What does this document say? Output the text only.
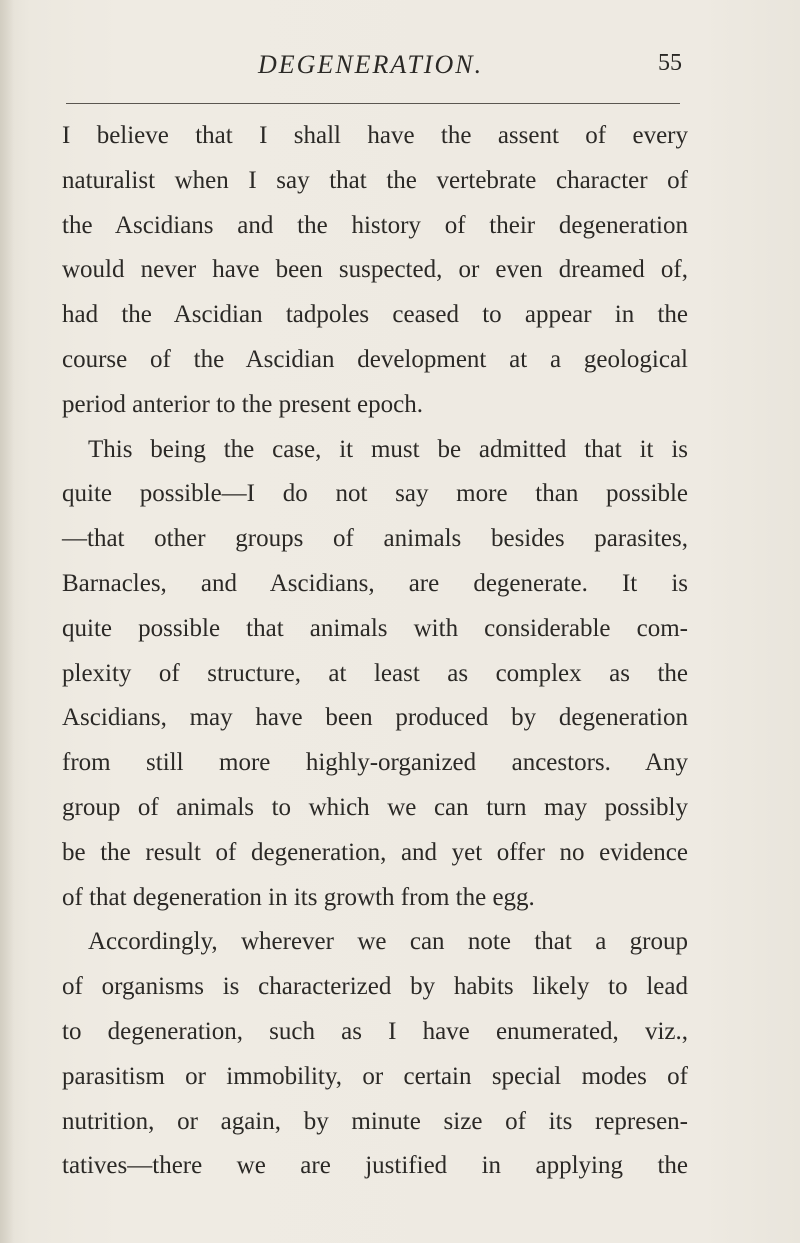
DEGENERATION.	55
I believe that I shall have the assent of every
naturalist when I say that the vertebrate character of
the Ascidians and the history of their degeneration
would never have been suspected, or even dreamed of,
had the Ascidian tadpoles ceased to appear in the
course of the Ascidian development at a geological
period anterior to the present epoch.
This being the case, it must be admitted that it is
quite possible—I do not say more than possible
—that other groups of animals besides parasites,
Barnacles, and Ascidians, are degenerate. It is
quite possible that animals with considerable com-
plexity of structure, at least as complex as the
Ascidians, may have been produced by degeneration
from still more highly-organized ancestors. Any
group of animals to which we can turn may possibly
be the result of degeneration, and yet offer no evidence
of that degeneration in its growth from the egg.
Accordingly, wherever we can note that a group
of organisms is characterized by habits likely to lead
to degeneration, such as I have enumerated, viz.,
parasitism or immobility, or certain special modes of
nutrition, or again, by minute size of its represen-
tatives—there we are justified in applying the
